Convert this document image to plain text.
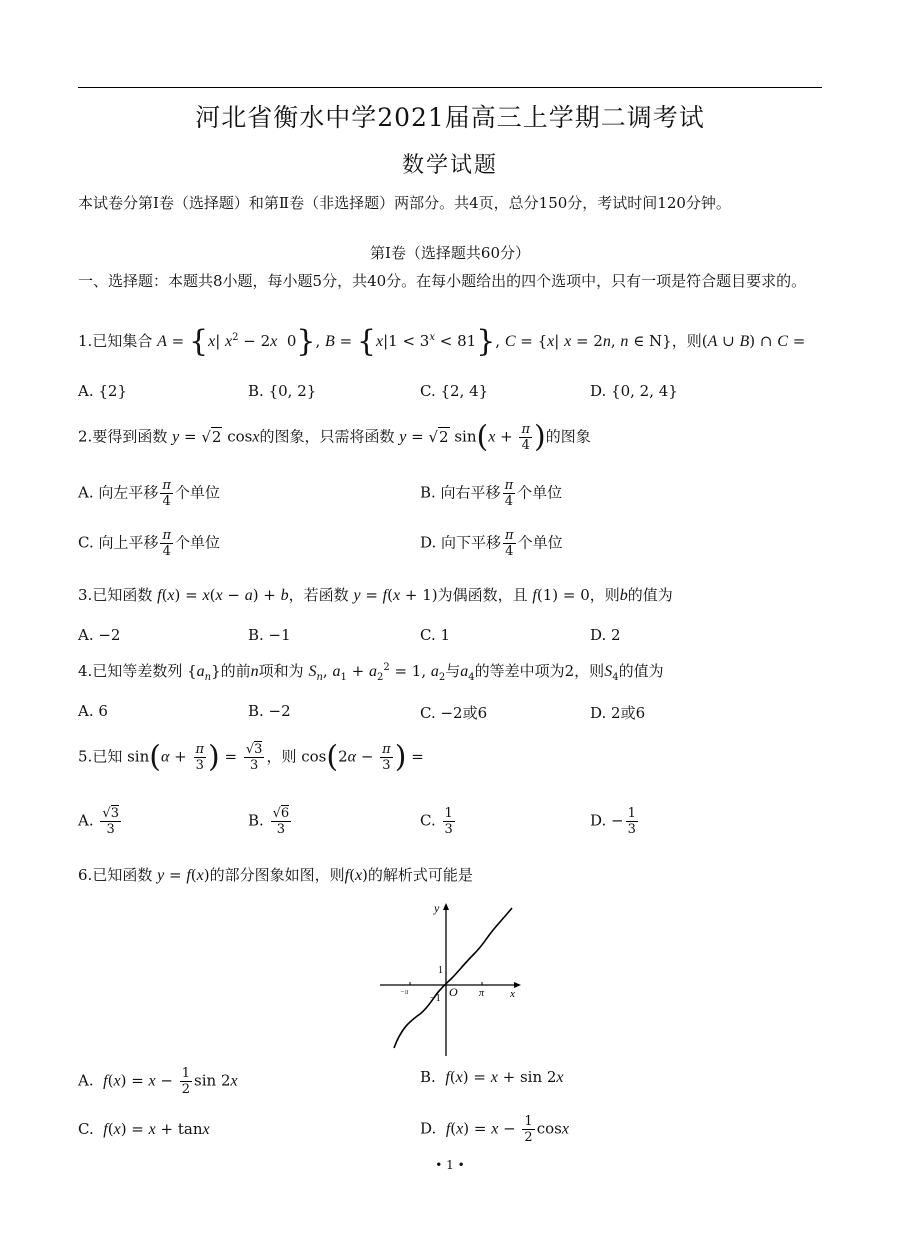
河北省衡水中学2021届高三上学期二调考试
数学试题
本试卷分第Ⅰ卷（选择题）和第Ⅱ卷（非选择题）两部分。共4页，总分150分，考试时间120分钟。
第Ⅰ卷（选择题共60分）
一、选择题：本题共8小题，每小题5分，共40分。在每小题给出的四个选项中，只有一项是符合题目要求的。
1.已知集合 A = {x| $x^2 - 2x$  0}, $B = \{x|1 < 3^x < 81\}$, C = {x| x = 2n, n ∈ N}，则(A ∪ B) ∩ C =
A. {2}	B. {0, 2}	C. {2, 4}	D. {0, 2, 4}
2.要得到函数 y = √2 cosx的图象，只需将函数 y = √2 $\sin(x + \frac{\pi}{4}$ )的图象
A. 向左平移 $\frac{\pi}{4}$ 个单位	B. 向右平移 $\frac{\pi}{4}$ 个单位
C. 向上平移 $\frac{\pi}{4}$ 个单位	D. 向下平移 $\frac{\pi}{4}$ 个单位
3.已知函数 f(x) = x(x − a) + b，若函数 y = f(x + 1)为偶函数，且 f(1) = 0，则b的值为
A. −2	B. −1	C. 1	D. 2
4.已知等差数列 $\{a_n\}$的前n项和为 $S_n$, $a_1 + a_2^2 = 1$, $a_2$与$a_4$的等差中项为2，则$S_4$的值为
A. 6	B. −2	C. −2或6	D. 2或6
5.已知 $\sin(\alpha + \frac{\pi}{3}$ ) = $\frac{√3}{3}$ ，则 $\cos(2\alpha - \frac{\pi}{3}$ ) =
A. $\frac{√3}{3}$	B. $\frac{√6}{3}$	C. $\frac{1}{3}$	D. − $\frac{1}{3}$
6.已知函数 y = f(x)的部分图象如图，则f(x)的解析式可能是
y
x
O
1
−1	π
−π
A. $f(x) = x - \frac{1}{2}$ sin 2x	B. f(x) = x + sin 2x
C. f(x) = x + tanx	D. $f(x) = x - \frac{1}{2}$ cosx
• 1 •
